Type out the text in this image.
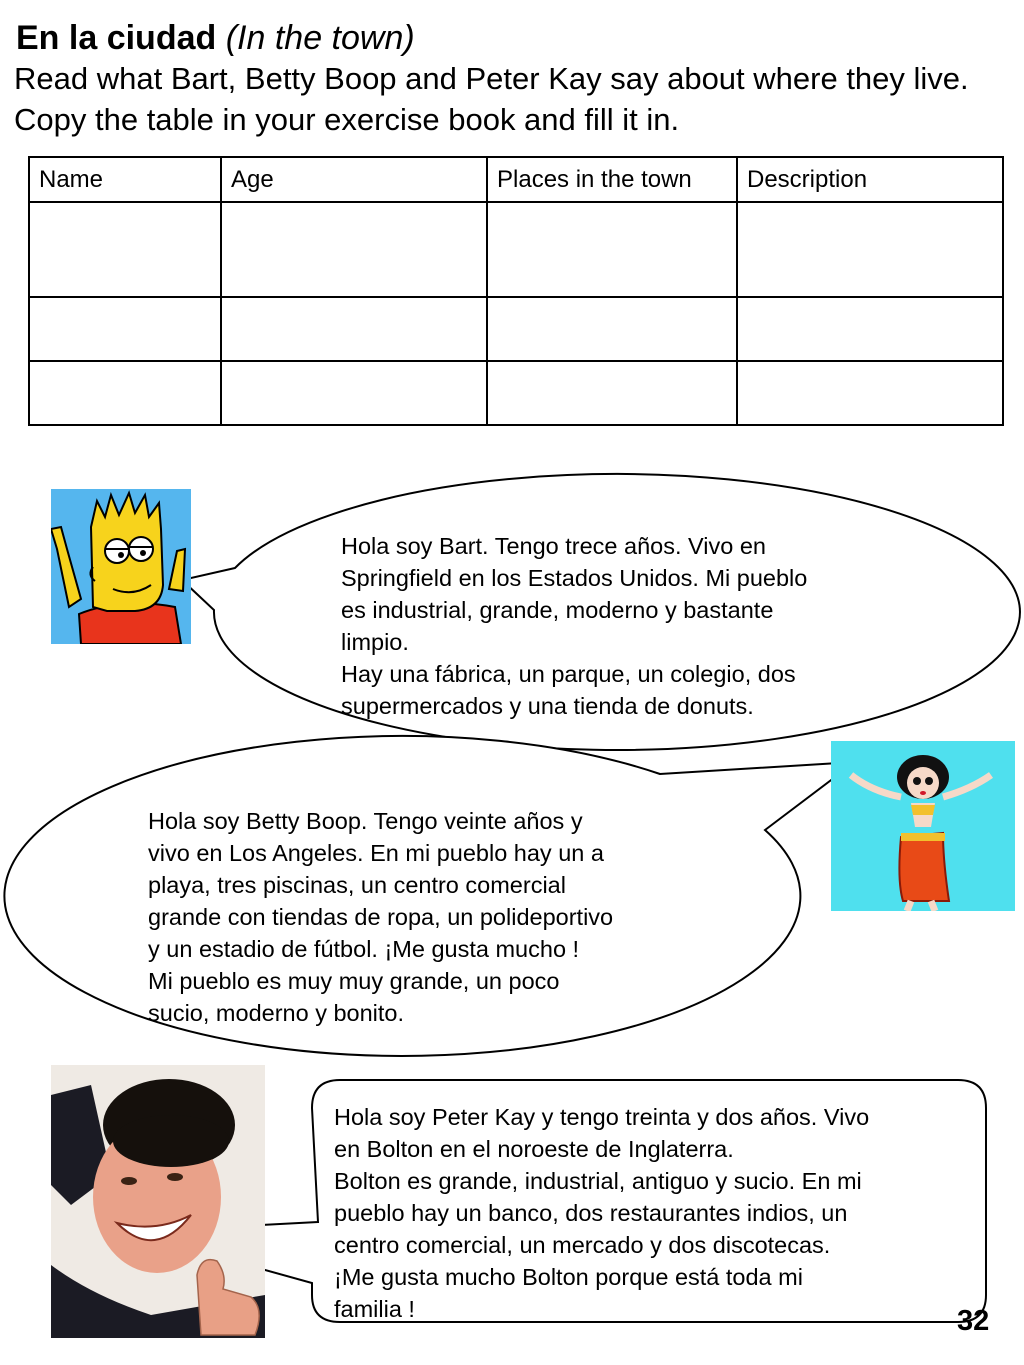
En la ciudad (In the town)
Read what Bart, Betty Boop and Peter Kay say about where they live. Copy the table in your exercise book and fill it in.
Name	Age	Places in the town	Description

Hola soy Bart. Tengo trece años. Vivo en
Springfield en los Estados Unidos. Mi pueblo
es industrial, grande, moderno y bastante
limpio.
Hay una fábrica, un parque, un colegio, dos
supermercados y una tienda de donuts.
Hola soy Betty Boop. Tengo veinte años y
vivo en Los Angeles. En mi pueblo hay un a
playa, tres piscinas, un centro comercial
grande con tiendas de ropa, un polideportivo
y un estadio de fútbol. ¡Me gusta mucho !
Mi pueblo es muy muy grande, un poco
sucio, moderno y bonito.
Hola soy Peter Kay y tengo treinta y dos años. Vivo
en Bolton en el noroeste de Inglaterra.
Bolton es grande, industrial, antiguo y sucio. En mi
pueblo hay un banco, dos restaurantes indios, un
centro comercial, un mercado y dos discotecas.
¡Me gusta mucho Bolton porque está toda mi
familia !	32
